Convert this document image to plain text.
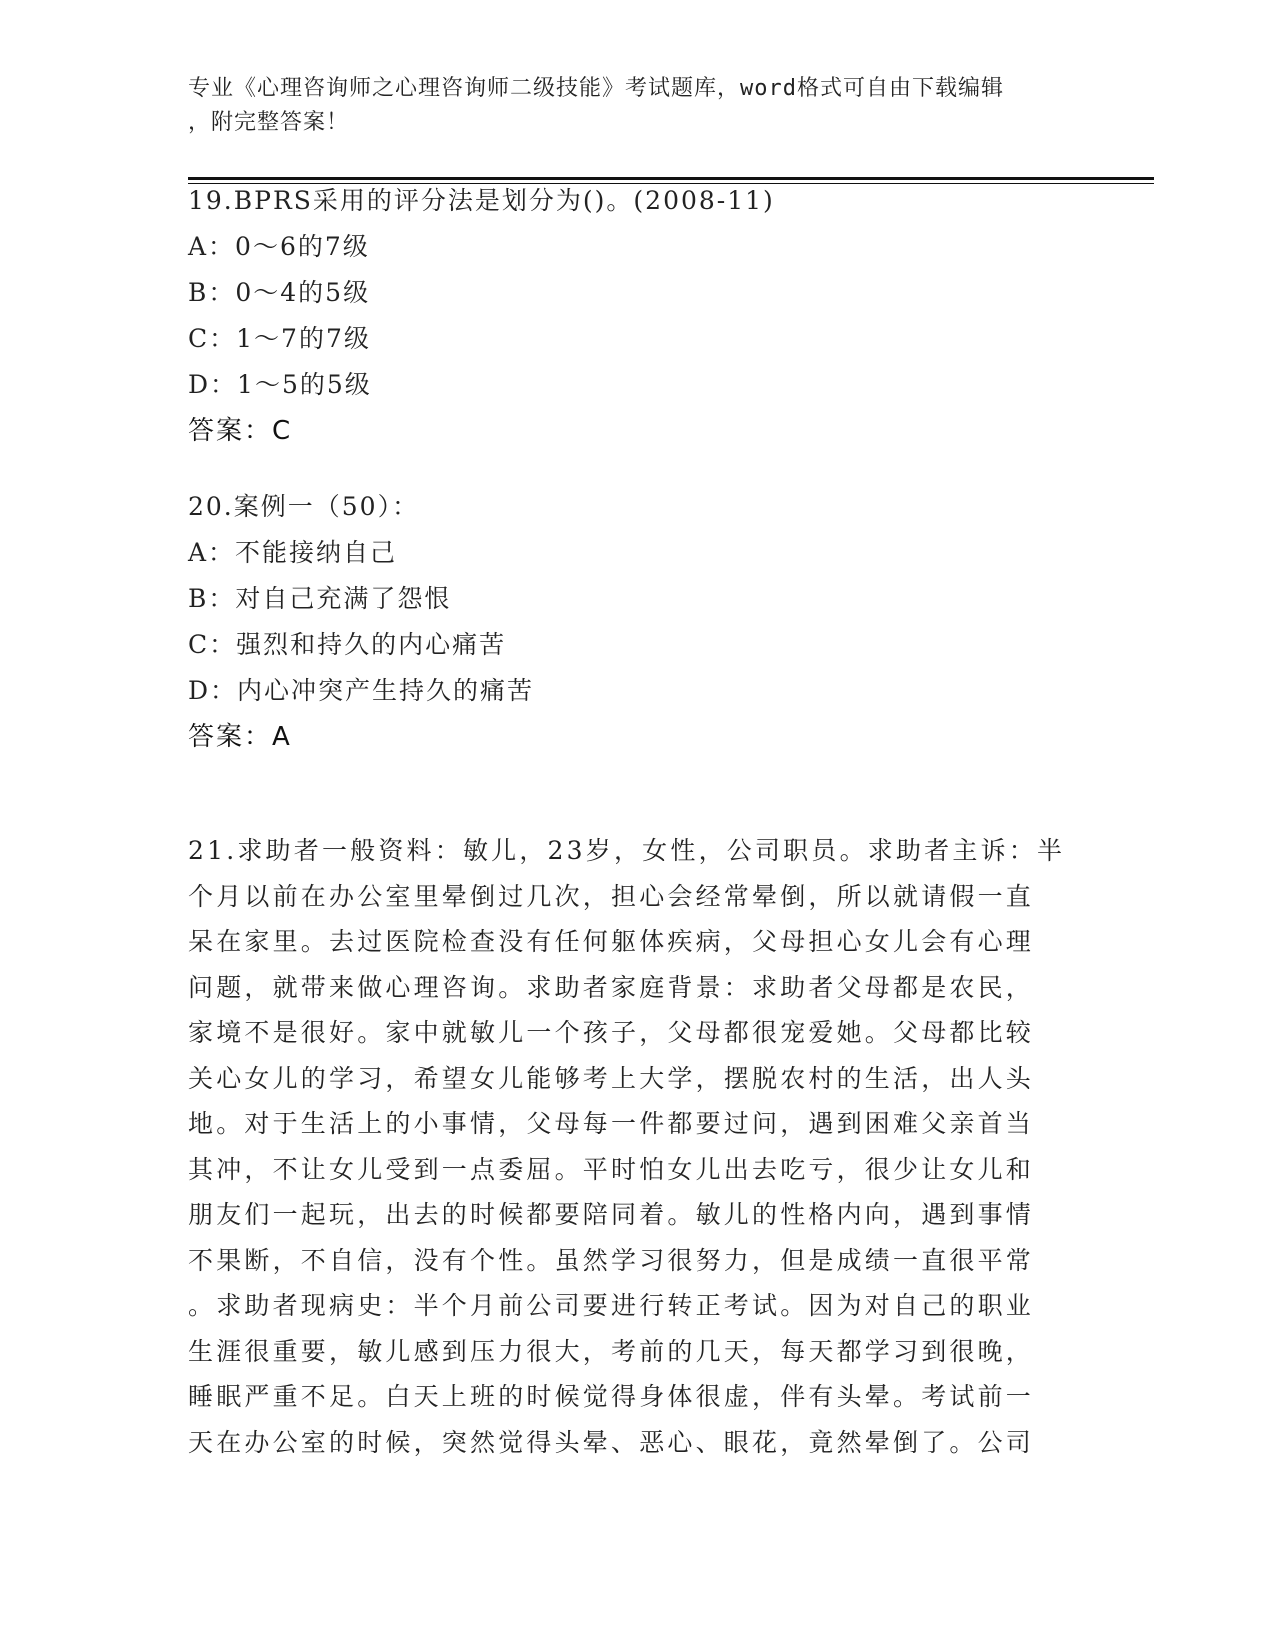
专业《心理咨询师之心理咨询师二级技能》考试题库，word格式可自由下载编辑
，附完整答案！
19.BPRS采用的评分法是划分为()。(2008-11)
A：0～6的7级
B：0～4的5级
C：1～7的7级
D：1～5的5级
答案：C
20.案例一（50）：
A：不能接纳自己
B：对自己充满了怨恨
C：强烈和持久的内心痛苦
D：内心冲突产生持久的痛苦
答案：A
21.求助者一般资料：敏儿，23岁，女性，公司职员。求助者主诉：半
个月以前在办公室里晕倒过几次，担心会经常晕倒，所以就请假一直
呆在家里。去过医院检查没有任何躯体疾病，父母担心女儿会有心理
问题，就带来做心理咨询。求助者家庭背景：求助者父母都是农民，
家境不是很好。家中就敏儿一个孩子，父母都很宠爱她。父母都比较
关心女儿的学习，希望女儿能够考上大学，摆脱农村的生活，出人头
地。对于生活上的小事情，父母每一件都要过问，遇到困难父亲首当
其冲，不让女儿受到一点委屈。平时怕女儿出去吃亏，很少让女儿和
朋友们一起玩，出去的时候都要陪同着。敏儿的性格内向，遇到事情
不果断，不自信，没有个性。虽然学习很努力，但是成绩一直很平常
。求助者现病史：半个月前公司要进行转正考试。因为对自己的职业
生涯很重要，敏儿感到压力很大，考前的几天，每天都学习到很晚，
睡眠严重不足。白天上班的时候觉得身体很虚，伴有头晕。考试前一
天在办公室的时候，突然觉得头晕、恶心、眼花，竟然晕倒了。公司
